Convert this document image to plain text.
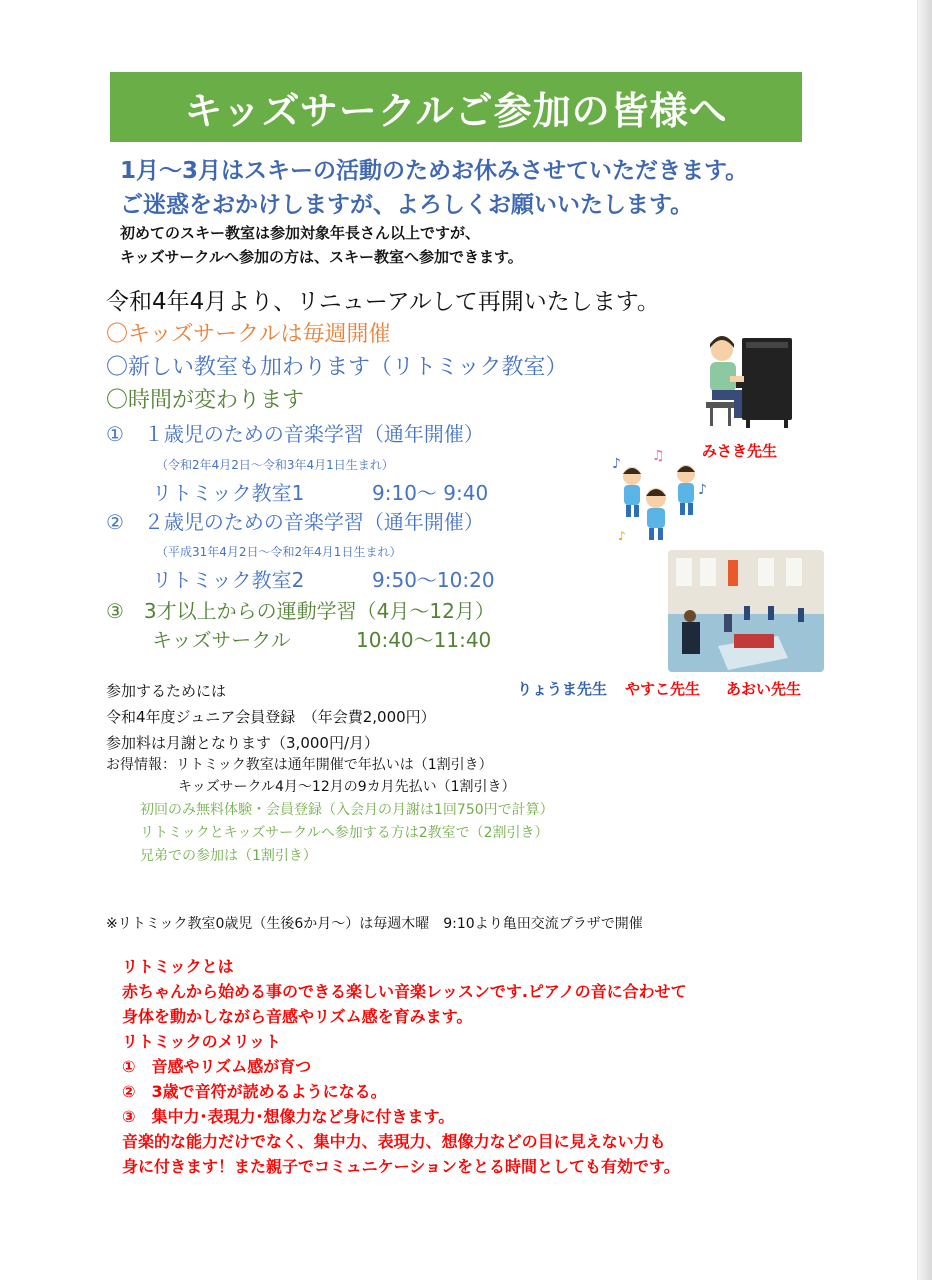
キッズサークルご参加の皆様へ
1月～3月はスキーの活動のためお休みさせていただきます。
ご迷惑をおかけしますが、よろしくお願いいたします。
初めてのスキー教室は参加対象年長さん以上ですが、
キッズサークルへ参加の方は、スキー教室へ参加できます。
令和4年4月より、リニューアルして再開いたします。
〇キッズサークルは毎週開催
〇新しい教室も加わります（リトミック教室）
〇時間が変わります
①　１歳児のための音楽学習（通年開催）
（令和2年4月2日～令和3年4月1日生まれ）
リトミック教室1	9:10～ 9:40
②　２歳児のための音楽学習（通年開催）
（平成31年4月2日～令和2年4月1日生まれ）
リトミック教室2	9:50～10:20
③　3才以上からの運動学習（4月～12月）
キッズサークル	10:40～11:40
みさき先生
♪ ♫
♪
♪
りょうま先生 やすこ先生 あおい先生
参加するためには
令和4年度ジュニア会員登録　（年会費2,000円）
参加料は月謝となります（3,000円/月）
お得情報：リトミック教室は通年開催で年払いは（1割引き）
キッズサークル4月～12月の9カ月先払い（1割引き）
初回のみ無料体験・会員登録（入会月の月謝は1回750円で計算）
リトミックとキッズサークルへ参加する方は2教室で（2割引き）
兄弟での参加は（1割引き）
※リトミック教室0歳児（生後6か月～）は毎週木曜　9:10より亀田交流プラザで開催
リトミックとは
赤ちゃんから始める事のできる楽しい音楽レッスンです.ピアノの音に合わせて
身体を動かしながら音感やリズム感を育みます。
リトミックのメリット
①　音感やリズム感が育つ
②　3歳で音符が読めるようになる。
③　集中力･表現力･想像力など身に付きます。
音楽的な能力だけでなく、集中力、表現力、想像力などの目に見えない力も
身に付きます！また親子でコミュニケーションをとる時間としても有効です。
